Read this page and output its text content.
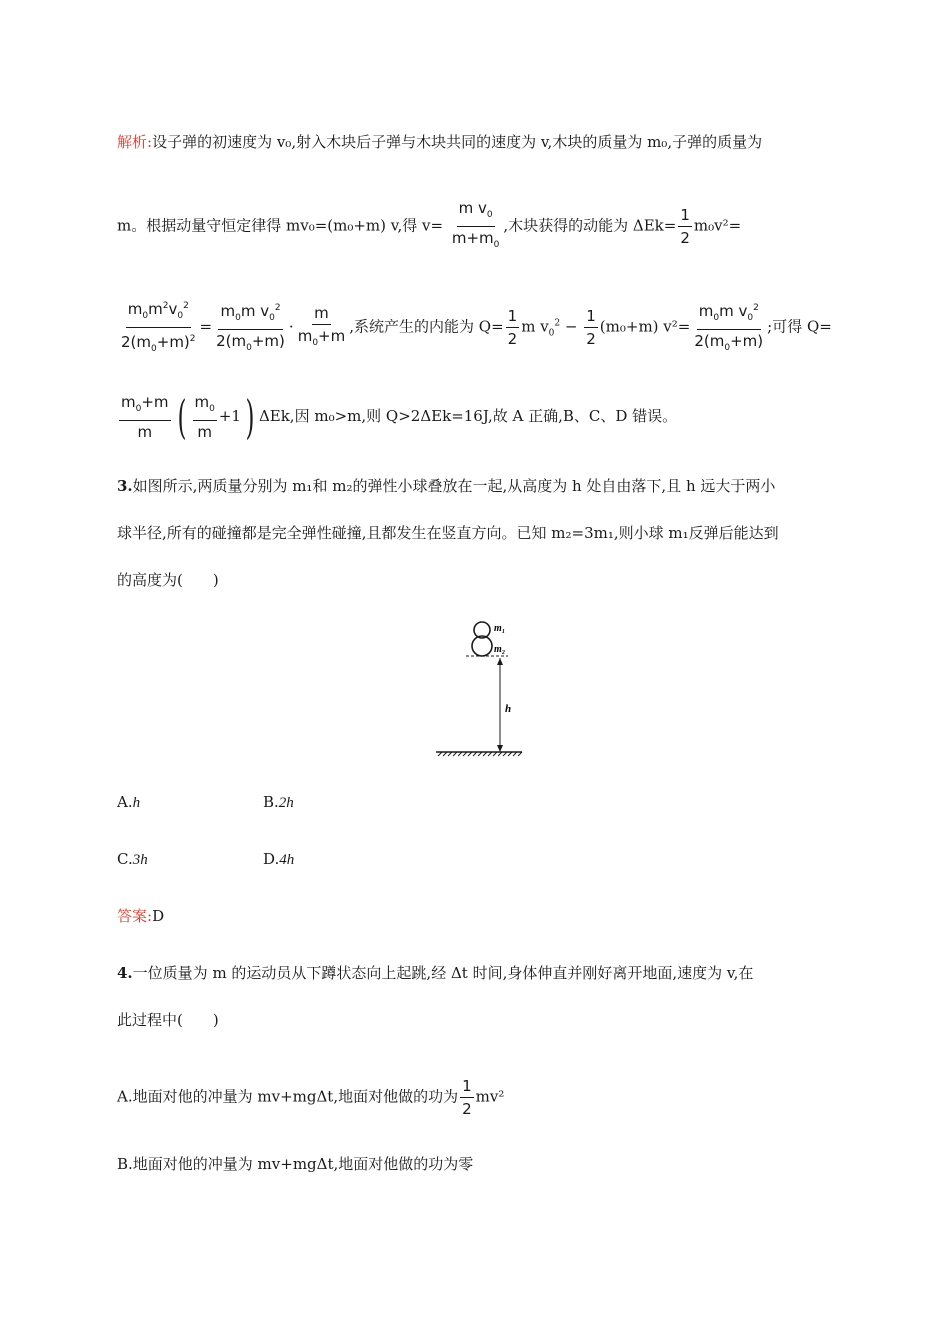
解析:设子弹的初速度为 v₀,射入木块后子弹与木块共同的速度为 v,木块的质量为 m₀,子弹的质量为
m。根据动量守恒定律得 mv₀=(m₀+m) v,得 $v= \frac{m v_0}{m+m_0}$ ,木块获得的动能为 $\Delta Ek= \frac{1}{2} m_0v^2=$
$\frac{m_0m^2v_0^2}{2(m_0+m)^2} = \frac{m_0m v_0^2}{2(m_0+m)} \cdot \frac{m}{m_0+m}$ ,系统产生的内能为 $Q= \frac{1}{2}$ m $v_0^2 - \frac{1}{2} (m_0+m)$ $v^2= \frac{m_0m v_0^2}{2(m_0+m)}$ ;可得 Q=
$\frac{m_0+m}{m}$ ( $\frac{m_0}{m} +1$) ΔEk,因 m₀>m,则 Q>2ΔEk=16J,故 A 正确,B、C、D 错误。
3.如图所示,两质量分别为 m₁和 m₂的弹性小球叠放在一起,从高度为 h 处自由落下,且 h 远大于两小
球半径,所有的碰撞都是完全弹性碰撞,且都发生在竖直方向。已知 m₂=3m₁,则小球 m₁反弹后能达到
的高度为(　　)
m₁
m₂
h
A.h	B.2h
C.3h	D.4h
答案:D
4.一位质量为 m 的运动员从下蹲状态向上起跳,经 Δt 时间,身体伸直并刚好离开地面,速度为 v,在
此过程中(　　)
A.地面对他的冲量为 mv+mgΔt,地面对他做的功为 $\frac{1}{2} mv^2$
B.地面对他的冲量为 mv+mgΔt,地面对他做的功为零
